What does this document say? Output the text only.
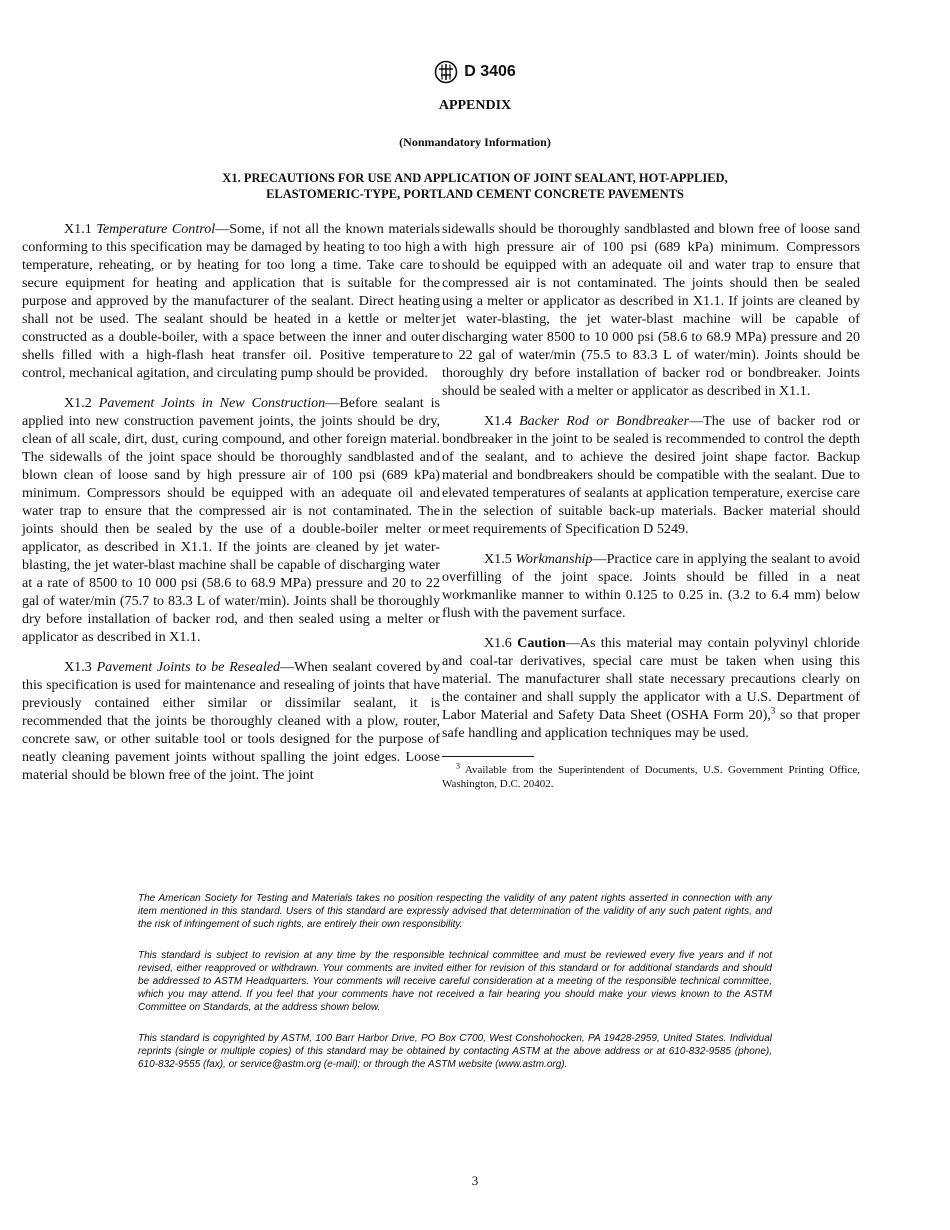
D 3406
APPENDIX
(Nonmandatory Information)
X1. PRECAUTIONS FOR USE AND APPLICATION OF JOINT SEALANT, HOT-APPLIED,
ELASTOMERIC-TYPE, PORTLAND CEMENT CONCRETE PAVEMENTS

X1.1 Temperature Control—Some, if not all the known materials conforming to this specification may be damaged by heating to too high a temperature, reheating, or by heating for too long a time. Take care to secure equipment for heating and application that is suitable for the purpose and approved by the manufacturer of the sealant. Direct heating shall not be used. The sealant should be heated in a kettle or melter constructed as a double-boiler, with a space between the inner and outer shells filled with a high-flash heat transfer oil. Positive temperature control, mechanical agitation, and circulating pump should be provided.

X1.2 Pavement Joints in New Construction—Before sealant is applied into new construction pavement joints, the joints should be dry, clean of all scale, dirt, dust, curing compound, and other foreign material. The sidewalls of the joint space should be thoroughly sandblasted and blown clean of loose sand by high pressure air of 100 psi (689 kPa) minimum. Compressors should be equipped with an adequate oil and water trap to ensure that the compressed air is not contaminated. The joints should then be sealed by the use of a double-boiler melter or applicator, as described in X1.1. If the joints are cleaned by jet water-blasting, the jet water-blast machine shall be capable of discharging water at a rate of 8500 to 10 000 psi (58.6 to 68.9 MPa) pressure and 20 to 22 gal of water/min (75.7 to 83.3 L of water/min). Joints shall be thoroughly dry before installation of backer rod, and then sealed using a melter or applicator as described in X1.1.

X1.3 Pavement Joints to be Resealed—When sealant covered by this specification is used for maintenance and resealing of joints that have previously contained either similar or dissimilar sealant, it is recommended that the joints be thoroughly cleaned with a plow, router, concrete saw, or other suitable tool or tools designed for the purpose of neatly cleaning pavement joints without spalling the joint edges. Loose material should be blown free of the joint. The joint

sidewalls should be thoroughly sandblasted and blown free of loose sand with high pressure air of 100 psi (689 kPa) minimum. Compressors should be equipped with an adequate oil and water trap to ensure that compressed air is not contaminated. The joints should then be sealed using a melter or applicator as described in X1.1. If joints are cleaned by jet water-blasting, the jet water-blast machine will be capable of discharging water 8500 to 10 000 psi (58.6 to 68.9 MPa) pressure and 20 to 22 gal of water/min (75.5 to 83.3 L of water/min). Joints should be thoroughly dry before installation of backer rod or bondbreaker. Joints should be sealed with a melter or applicator as described in X1.1.

X1.4 Backer Rod or Bondbreaker—The use of backer rod or bondbreaker in the joint to be sealed is recommended to control the depth of the sealant, and to achieve the desired joint shape factor. Backup material and bondbreakers should be compatible with the sealant. Due to elevated temperatures of sealants at application temperature, exercise care in the selection of suitable back-up materials. Backer material should meet requirements of Specification D 5249.

X1.5 Workmanship—Practice care in applying the sealant to avoid overfilling of the joint space. Joints should be filled in a neat workmanlike manner to within 0.125 to 0.25 in. (3.2 to 6.4 mm) below flush with the pavement surface.

X1.6 Caution—As this material may contain polyvinyl chloride and coal-tar derivatives, special care must be taken when using this material. The manufacturer shall state necessary precautions clearly on the container and shall supply the applicator with a U.S. Department of Labor Material and Safety Data Sheet (OSHA Form 20),$^3$ so that proper safe handling and application techniques may be used.

$^3$ Available from the Superintendent of Documents, U.S. Government Printing Office, Washington, D.C. 20402.

The American Society for Testing and Materials takes no position respecting the validity of any patent rights asserted in connection with any item mentioned in this standard. Users of this standard are expressly advised that determination of the validity of any such patent rights, and the risk of infringement of such rights, are entirely their own responsibility.

This standard is subject to revision at any time by the responsible technical committee and must be reviewed every five years and if not revised, either reapproved or withdrawn. Your comments are invited either for revision of this standard or for additional standards and should be addressed to ASTM Headquarters. Your comments will receive careful consideration at a meeting of the responsible technical committee, which you may attend. If you feel that your comments have not received a fair hearing you should make your views known to the ASTM Committee on Standards, at the address shown below.

This standard is copyrighted by ASTM, 100 Barr Harbor Drive, PO Box C700, West Conshohocken, PA 19428-2959, United States. Individual reprints (single or multiple copies) of this standard may be obtained by contacting ASTM at the above address or at 610-832-9585 (phone), 610-832-9555 (fax), or service@astm.org (e-mail); or through the ASTM website (www.astm.org).

3
